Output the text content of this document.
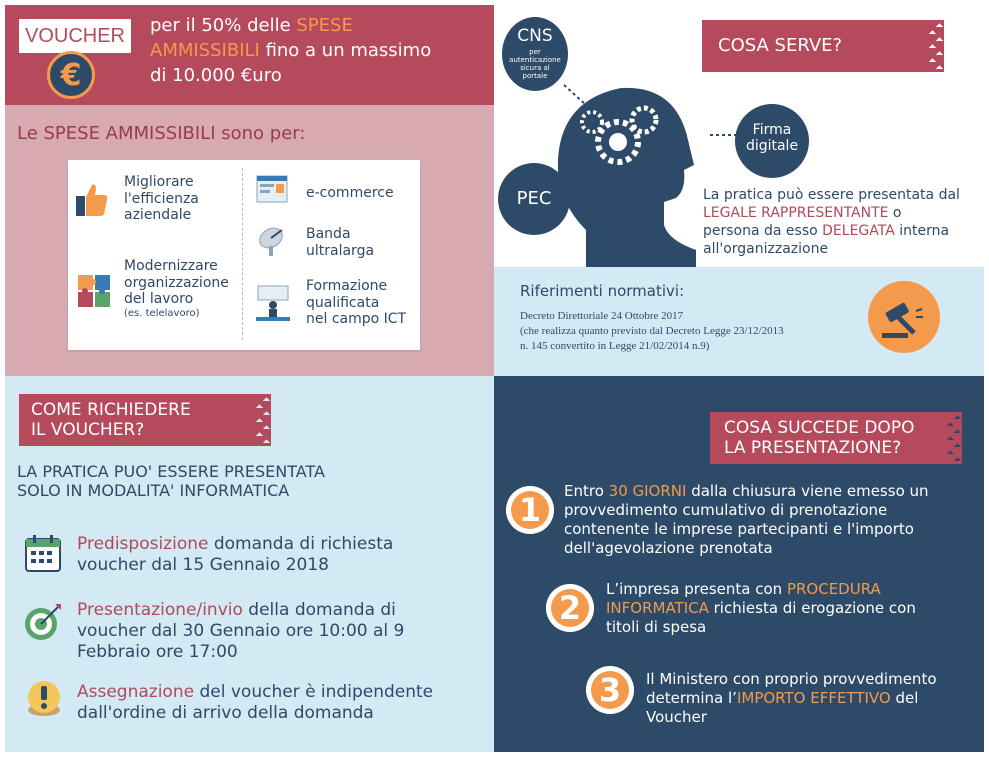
VOUCHER
€
per il 50% delle SPESE
AMMISSIBILI fino a un massimo
di 10.000 €uro
Le SPESE AMMISSIBILI sono per:
Migliorare
l'efficienza
aziendale
Modernizzare
organizzazione
del lavoro
(es. telelavoro)
e-commerce
Banda
ultralarga
Formazione
qualificata
nel campo ICT
COSA SERVE?
CNS
per
autenticazione
sicura al
portale
PEC
Firma
digitale
La pratica può essere presentata dal
LEGALE RAPPRESENTANTE o
persona da esso DELEGATA interna
all'organizzazione
Riferimenti normativi:
Decreto Direttoriale 24 Ottobre 2017
(che realizza quanto previsto dal Decreto Legge 23/12/2013
n. 145 convertito in Legge 21/02/2014 n.9)
COME RICHIEDERE
IL VOUCHER?
LA PRATICA PUO' ESSERE PRESENTATA
SOLO IN MODALITA' INFORMATICA
Predisposizione domanda di richiesta
voucher dal 15 Gennaio 2018
Presentazione/invio della domanda di
voucher dal 30 Gennaio ore 10:00 al 9
Febbraio ore 17:00
Assegnazione del voucher è indipendente
dall'ordine di arrivo della domanda
COSA SUCCEDE DOPO
LA PRESENTAZIONE?
1	Entro 30 GIORNI dalla chiusura viene emesso un
provvedimento cumulativo di prenotazione
contenente le imprese partecipanti e l'importo
dell'agevolazione prenotata
2	L’impresa presenta con PROCEDURA
INFORMATICA richiesta di erogazione con
titoli di spesa
3	Il Ministero con proprio provvedimento
determina l’IMPORTO EFFETTIVO del
Voucher
